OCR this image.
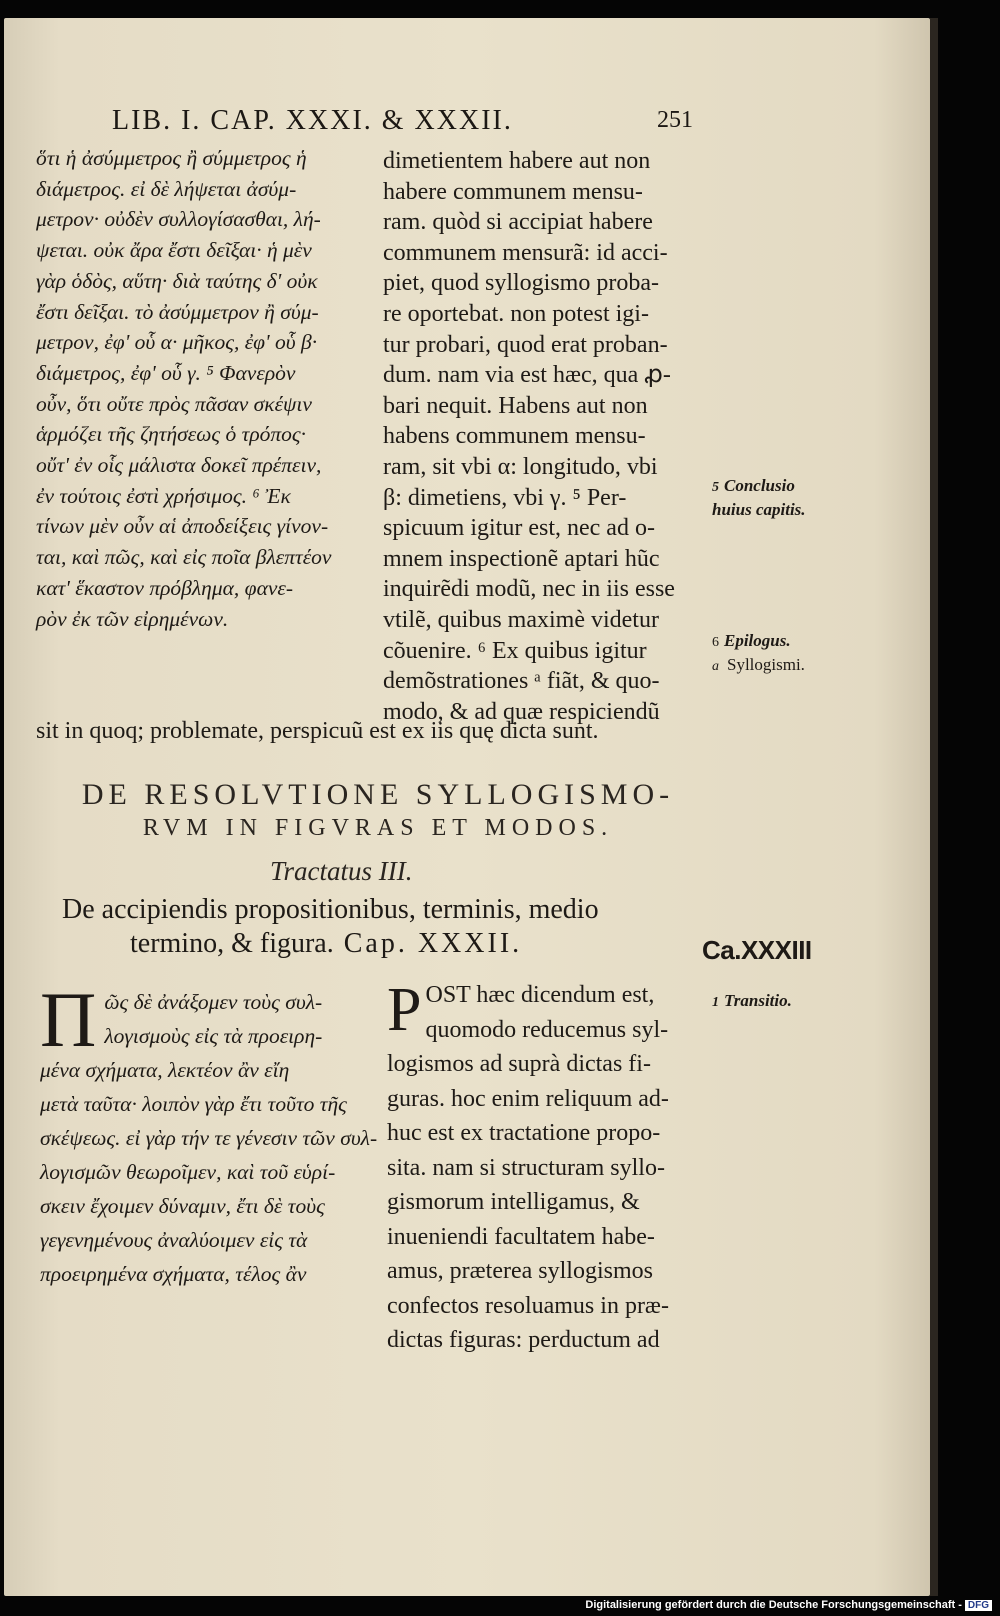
LIB. I. CAP. XXXI. & XXXII.	251
ὅτι ἡ ἀσύμμετρος ἢ σύμμετρος ἡ
διάμετρος. εἰ δὲ λήψεται ἀσύμ-
μετρον· οὐδὲν συλλογίσασθαι, λή-
ψεται. οὐκ ἄρα ἔστι δεῖξαι· ἡ μὲν
γὰρ ὁδὸς, αὕτη· διὰ ταύτης δ' οὐκ
ἔστι δεῖξαι. τὸ ἀσύμμετρον ἢ σύμ-
μετρον, ἐφ' οὗ α· μῆκος, ἐφ' οὗ β·
διάμετρος, ἐφ' οὗ γ. ⁵ Φανερὸν
οὖν, ὅτι οὔτε πρὸς πᾶσαν σκέψιν
ἁρμόζει τῆς ζητήσεως ὁ τρόπος·
οὔτ' ἐν οἷς μάλιστα δοκεῖ πρέπειν,
ἐν τούτοις ἐστὶ χρήσιμος. ⁶ Ἐκ
τίνων μὲν οὖν αἱ ἀποδείξεις γίνον-
ται, καὶ πῶς, καὶ εἰς ποῖα βλεπτέον
κατ' ἕκαστον πρόβλημα, φανε-
ρὸν ἐκ τῶν εἰρημένων.
dimetientem habere aut non
habere communem mensu-
ram. quòd si accipiat habere
communem mensurã: id acci-
piet, quod syllogismo proba-
re oportebat. non potest igi-
tur probari, quod erat proban-
dum. nam via est hæc, qua ꝓ-
bari nequit. Habens aut non
habens communem mensu-
ram, sit vbi α: longitudo, vbi
β: dimetiens, vbi γ. ⁵ Per-
spicuum igitur est, nec ad o-
mnem inspectionẽ aptari hũc
inquirẽdi modũ, nec in iis esse
vtilẽ, quibus maximè videtur
cõuenire. ⁶ Ex quibus igitur
demõstrationes ᵃ fiãt, & quo-
modo, & ad quæ respiciendũ
sit in quoq; problemate, perspicuũ est ex iis quę dicta sunt.
5 Conclusio huius capitis.
6 Epilogus.
a Syllogismi.
Ca.XXXIII
1 Transitio.
DE RESOLVTIONE SYLLOGISMO-
RVM IN FIGVRAS ET MODOS.
Tractatus III.
De accipiendis propositionibus, terminis, medio
termino, & figura. Cap. XXXII.
Π ῶς δὲ ἀνάξομεν τοὺς συλ-
λογισμοὺς εἰς τὰ προειρη-
μένα σχήματα, λεκτέον ἂν εἴη
μετὰ ταῦτα· λοιπὸν γὰρ ἔτι τοῦτο τῆς
σκέψεως. εἰ γὰρ τήν τε γένεσιν τῶν συλ-
λογισμῶν θεωροῖμεν, καὶ τοῦ εὑρί-
σκειν ἔχοιμεν δύναμιν, ἔτι δὲ τοὺς
γεγενημένους ἀναλύοιμεν εἰς τὰ
προειρημένα σχήματα, τέλος ἂν
P OST hæc dicendum est,
quomodo reducemus syl-
logismos ad suprà dictas fi-
guras. hoc enim reliquum ad-
huc est ex tractatione propo-
sita. nam si structuram syllo-
gismorum intelligamus, &
inueniendi facultatem habe-
amus, præterea syllogismos
confectos resoluamus in præ-
dictas figuras: perductum ad
Digitalisierung gefördert durch die Deutsche Forschungsgemeinschaft - DFG
